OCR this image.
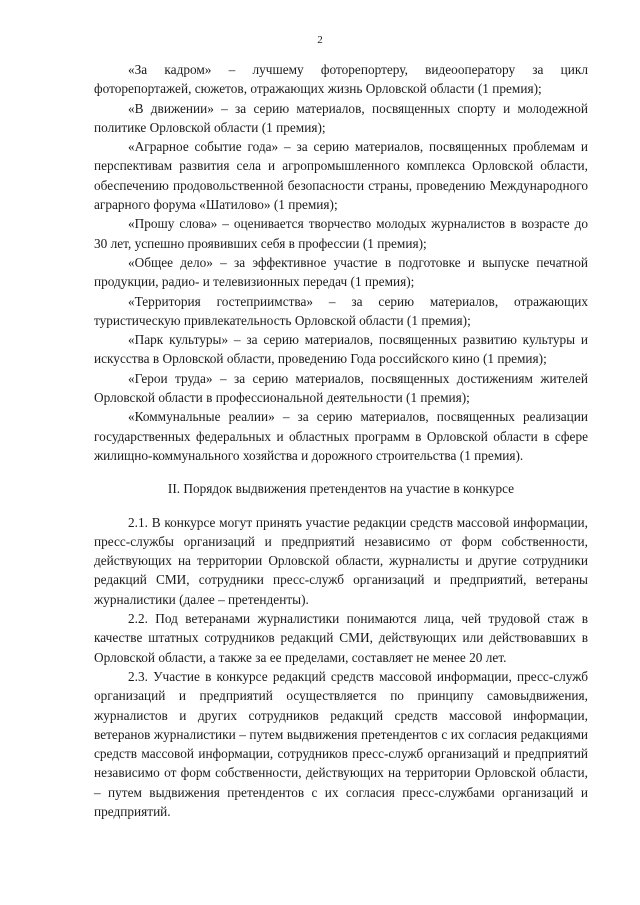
2

«За кадром» – лучшему фоторепортеру, видеооператору за цикл фоторепортажей, сюжетов, отражающих жизнь Орловской области (1 премия);

«В движении» – за серию материалов, посвященных спорту и молодежной политике Орловской области (1 премия);

«Аграрное событие года» – за серию материалов, посвященных проблемам и перспективам развития села и агропромышленного комплекса Орловской области, обеспечению продовольственной безопасности страны, проведению Международного аграрного форума «Шатилово» (1 премия);

«Прошу слова» – оценивается творчество молодых журналистов в возрасте до 30 лет, успешно проявивших себя в профессии (1 премия);

«Общее дело» – за эффективное участие в подготовке и выпуске печатной продукции, радио- и телевизионных передач (1 премия);

«Территория гостеприимства» – за серию материалов, отражающих туристическую привлекательность Орловской области (1 премия);

«Парк культуры» – за серию материалов, посвященных развитию культуры и искусства в Орловской области, проведению Года российского кино (1 премия);

«Герои труда» – за серию материалов, посвященных достижениям жителей Орловской области в профессиональной деятельности (1 премия);

«Коммунальные реалии» – за серию материалов, посвященных реализации государственных федеральных и областных программ в Орловской области в сфере жилищно-коммунального хозяйства и дорожного строительства (1 премия).

II. Порядок выдвижения претендентов на участие в конкурсе

2.1. В конкурсе могут принять участие редакции средств массовой информации, пресс-службы организаций и предприятий независимо от форм собственности, действующих на территории Орловской области, журналисты и другие сотрудники редакций СМИ, сотрудники пресс-служб организаций и предприятий, ветераны журналистики (далее – претенденты).

2.2. Под ветеранами журналистики понимаются лица, чей трудовой стаж в качестве штатных сотрудников редакций СМИ, действующих или действовавших в Орловской области, а также за ее пределами, составляет не менее 20 лет.

2.3. Участие в конкурсе редакций средств массовой информации, пресс-служб организаций и предприятий осуществляется по принципу самовыдвижения, журналистов и других сотрудников редакций средств массовой информации, ветеранов журналистики – путем выдвижения претендентов с их согласия редакциями средств массовой информации, сотрудников пресс-служб организаций и предприятий независимо от форм собственности, действующих на территории Орловской области, – путем выдвижения претендентов с их согласия пресс-службами организаций и предприятий.
